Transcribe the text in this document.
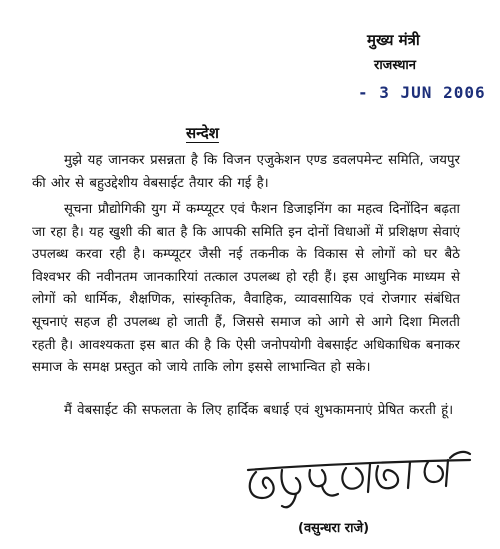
मुख्य मंत्री
राजस्थान
- 3 JUN 2006
सन्देश

मुझे यह जानकर प्रसन्नता है कि विजन एजुकेशन एण्ड डवलपमेन्ट समिति, जयपुर की ओर से बहुउद्देशीय वेबसाईट तैयार की गई है।

सूचना प्रौद्योगिकी युग में कम्प्यूटर एवं फैशन डिजाइनिंग का महत्व दिनोंदिन बढ़ता जा रहा है। यह खुशी की बात है कि आपकी समिति इन दोनों विधाओं में प्रशिक्षण सेवाएं उपलब्ध करवा रही है। कम्प्यूटर जैसी नई तकनीक के विकास से लोगों को घर बैठे विश्वभर की नवीनतम जानकारियां तत्काल उपलब्ध हो रही हैं। इस आधुनिक माध्यम से लोगों को धार्मिक, शैक्षणिक, सांस्कृतिक, वैवाहिक, व्यावसायिक एवं रोजगार संबंधित सूचनाएं सहज ही उपलब्ध हो जाती हैं, जिससे समाज को आगे से आगे दिशा मिलती रहती है। आवश्यकता इस बात की है कि ऐसी जनोपयोगी वेबसाईट अधिकाधिक बनाकर समाज के समक्ष प्रस्तुत को जाये ताकि लोग इससे लाभान्वित हो सके।

मैं वेबसाईट की सफलता के लिए हार्दिक बधाई एवं शुभकामनाएं प्रेषित करती हूं।

(वसुन्धरा राजे)
